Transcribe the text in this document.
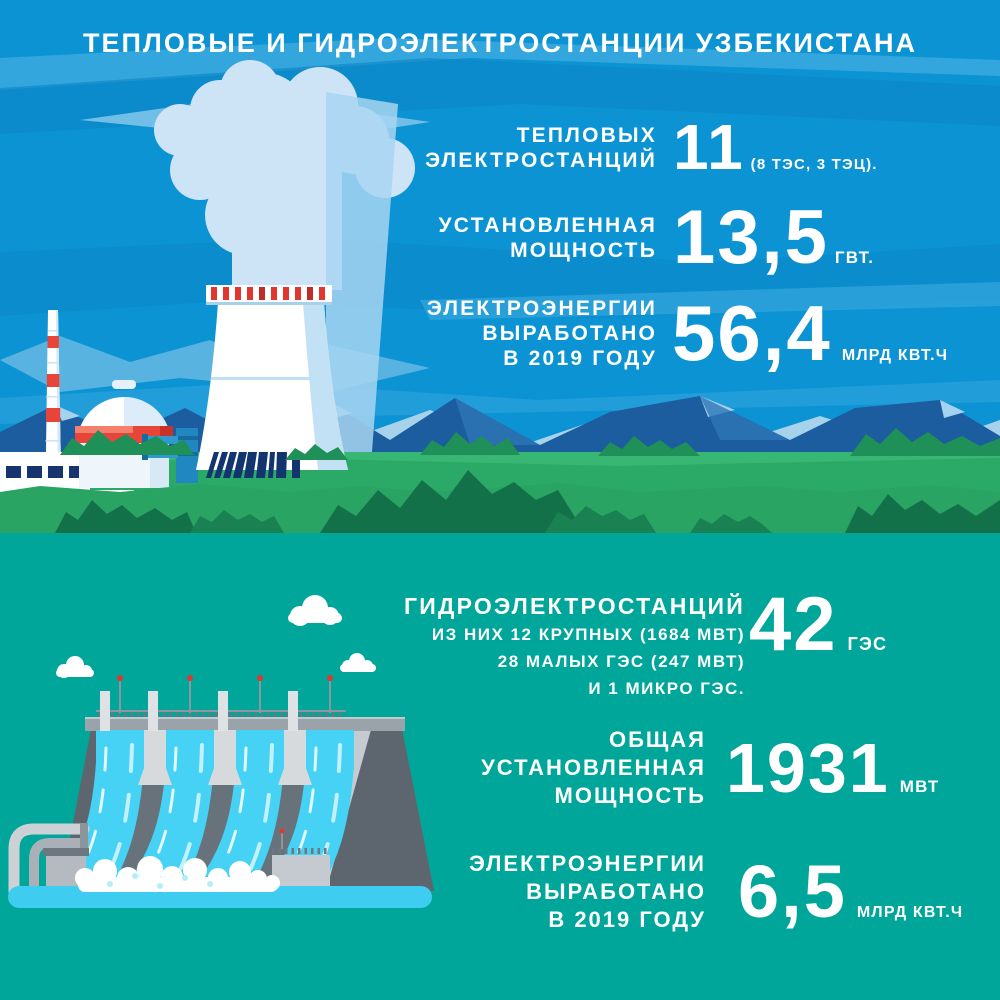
ТЕПЛОВЫЕ И ГИДРОЭЛЕКТРОСТАНЦИИ УЗБЕКИСТАНА
ТЕПЛОВЫХ
ЭЛЕКТРОСТАНЦИЙ 11 (8 ТЭС, 3 ТЭЦ).
УСТАНОВЛЕННАЯ
МОЩНОСТЬ 13,5 ГВТ.
ЭЛЕКТРОЭНЕРГИИ
ВЫРАБОТАНО
В 2019 ГОДУ 56,4 МЛРД КВТ.Ч
ГИДРОЭЛЕКТРОСТАНЦИЙ
ИЗ НИХ 12 КРУПНЫХ (1684 МВТ)
28 МАЛЫХ ГЭС (247 МВТ)
И 1 МИКРО ГЭС.
42 ГЭС
ОБЩАЯ
УСТАНОВЛЕННАЯ
МОЩНОСТЬ 1931 МВТ
ЭЛЕКТРОЭНЕРГИИ
ВЫРАБОТАНО
В 2019 ГОДУ 6,5 МЛРД КВТ.Ч
